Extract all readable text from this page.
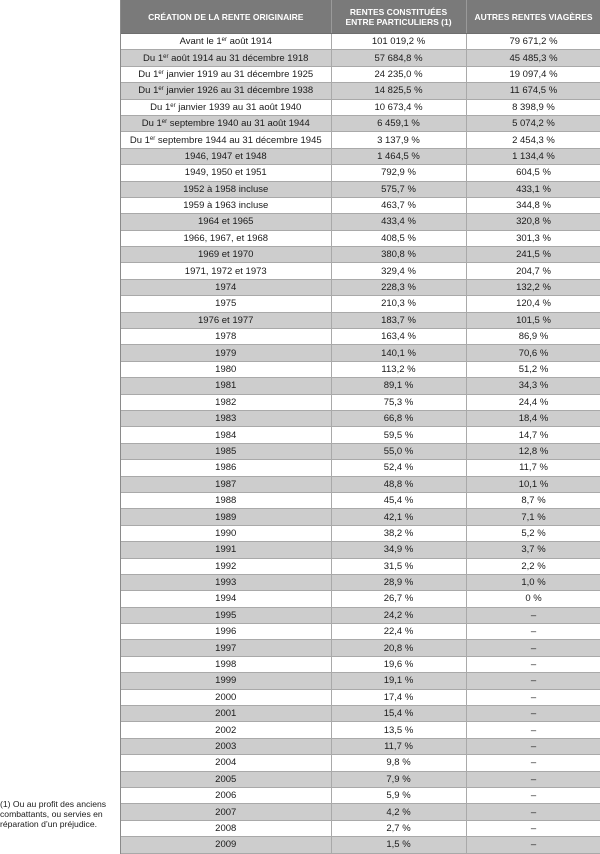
CRÉATION DE LA RENTE ORIGINAIRE	RENTES CONSTITUÉES ENTRE PARTICULIERS (1)	AUTRES RENTES VIAGÈRES
Avant le 1er août 1914	101 019,2 %	79 671,2 %
Du 1er août 1914 au 31 décembre 1918	57 684,8 %	45 485,3 %
Du 1er janvier 1919 au 31 décembre 1925	24 235,0 %	19 097,4 %
Du 1er janvier 1926 au 31 décembre 1938	14 825,5 %	11 674,5 %
Du 1er janvier 1939 au 31 août 1940	10 673,4 %	8 398,9 %
Du 1er septembre 1940 au 31 août 1944	6 459,1 %	5 074,2 %
Du 1er septembre 1944 au 31 décembre 1945	3 137,9 %	2 454,3 %
1946, 1947 et 1948	1 464,5 %	1 134,4 %
1949, 1950 et 1951	792,9 %	604,5 %
1952 à 1958 incluse	575,7 %	433,1 %
1959 à 1963 incluse	463,7 %	344,8 %
1964 et 1965	433,4 %	320,8 %
1966, 1967, et 1968	408,5 %	301,3 %
1969 et 1970	380,8 %	241,5 %
1971, 1972 et 1973	329,4 %	204,7 %
1974	228,3 %	132,2 %
1975	210,3 %	120,4 %
1976 et 1977	183,7 %	101,5 %
1978	163,4 %	86,9 %
1979	140,1 %	70,6 %
1980	113,2 %	51,2 %
1981	89,1 %	34,3 %
1982	75,3 %	24,4 %
1983	66,8 %	18,4 %
1984	59,5 %	14,7 %
1985	55,0 %	12,8 %
1986	52,4 %	11,7 %
1987	48,8 %	10,1 %
1988	45,4 %	8,7 %
1989	42,1 %	7,1 %
1990	38,2 %	5,2 %
1991	34,9 %	3,7 %
1992	31,5 %	2,2 %
1993	28,9 %	1,0 %
1994	26,7 %	0 %
1995	24,2 %	–
1996	22,4 %	–
1997	20,8 %	–
1998	19,6 %	–
1999	19,1 %	–
2000	17,4 %	–
2001	15,4 %	–
2002	13,5 %	–
2003	11,7 %	–
2004	9,8 %	–
2005	7,9 %	–
2006	5,9 %	–
2007	4,2 %	–
2008	2,7 %	–
2009	1,5 %	–
(1) Ou au profit des anciens combattants, ou servies en réparation d’un préjudice.
